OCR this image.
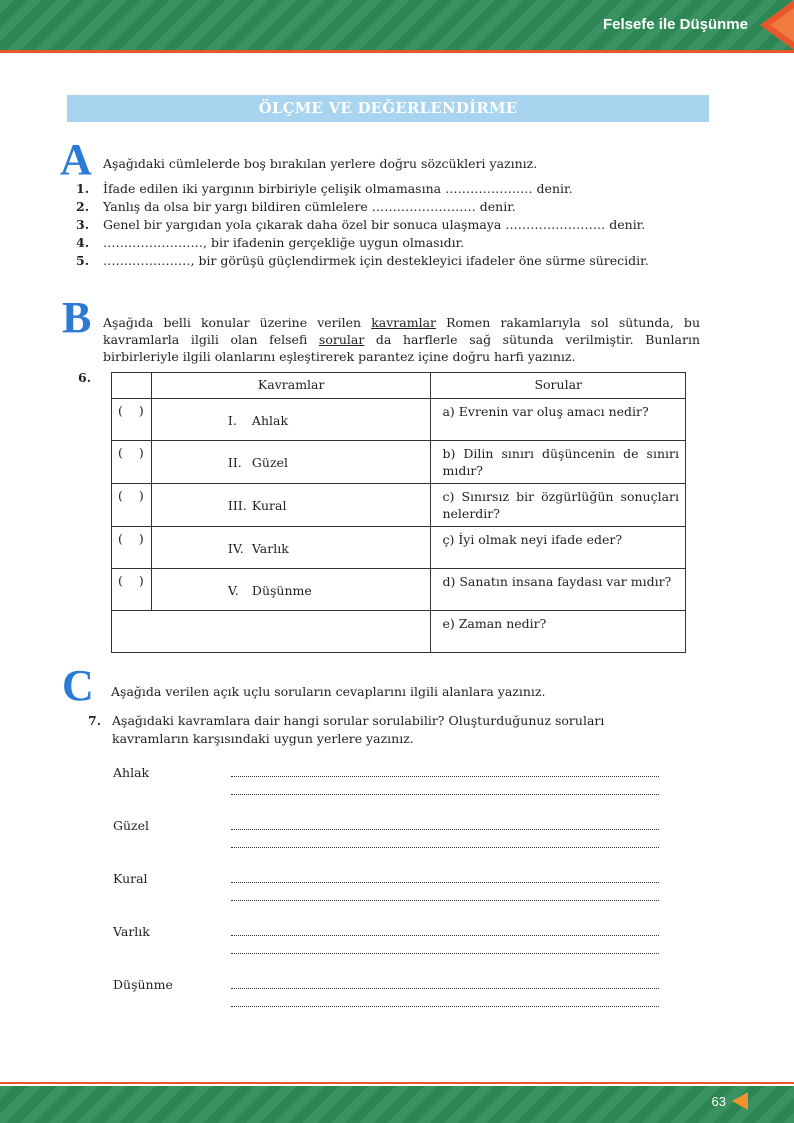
Felsefe ile Düşünme
ÖLÇME VE DEĞERLENDİRME
A Aşağıdaki cümlelerde boş bırakılan yerlere doğru sözcükleri yazınız.
1.	İfade edilen iki yargının birbiriyle çelişik olmamasına ………………… denir.
2.	Yanlış da olsa bir yargı bildiren cümlelere ……………………. denir.
3.	Genel bir yargıdan yola çıkarak daha özel bir sonuca ulaşmaya …………………… denir.
4.	……………………, bir ifadenin gerçekliğe uygun olmasıdır.
5.	…………………, bir görüşü güçlendirmek için destekleyici ifadeler öne sürme sürecidir.
B Aşağıda belli konular üzerine verilen kavramlar Romen rakamlarıyla sol sütunda, bu kavramlarla ilgili olan felsefi sorular da harflerle sağ sütunda verilmiştir. Bunların birbirleriyle ilgili olanlarını eşleştirerek parantez içine doğru harfi yazınız.
6.
		Kavramlar	Sorular
( )	I. Ahlak	a) Evrenin var oluş amacı nedir?
( )	II. Güzel	b) Dilin sınırı düşüncenin de sınırı mıdır?
( )	III. Kural	c) Sınırsız bir özgürlüğün sonuçları nelerdir?
( )	IV. Varlık	ç) İyi olmak neyi ifade eder?
( )	V. Düşünme	d) Sanatın insana faydası var mıdır?
		e) Zaman nedir?
C Aşağıda verilen açık uçlu soruların cevaplarını ilgili alanlara yazınız.
7. Aşağıdaki kavramlara dair hangi sorular sorulabilir? Oluşturduğunuz soruları kavramların karşısındaki uygun yerlere yazınız.
Ahlak
Güzel
Kural
Varlık
Düşünme
63
